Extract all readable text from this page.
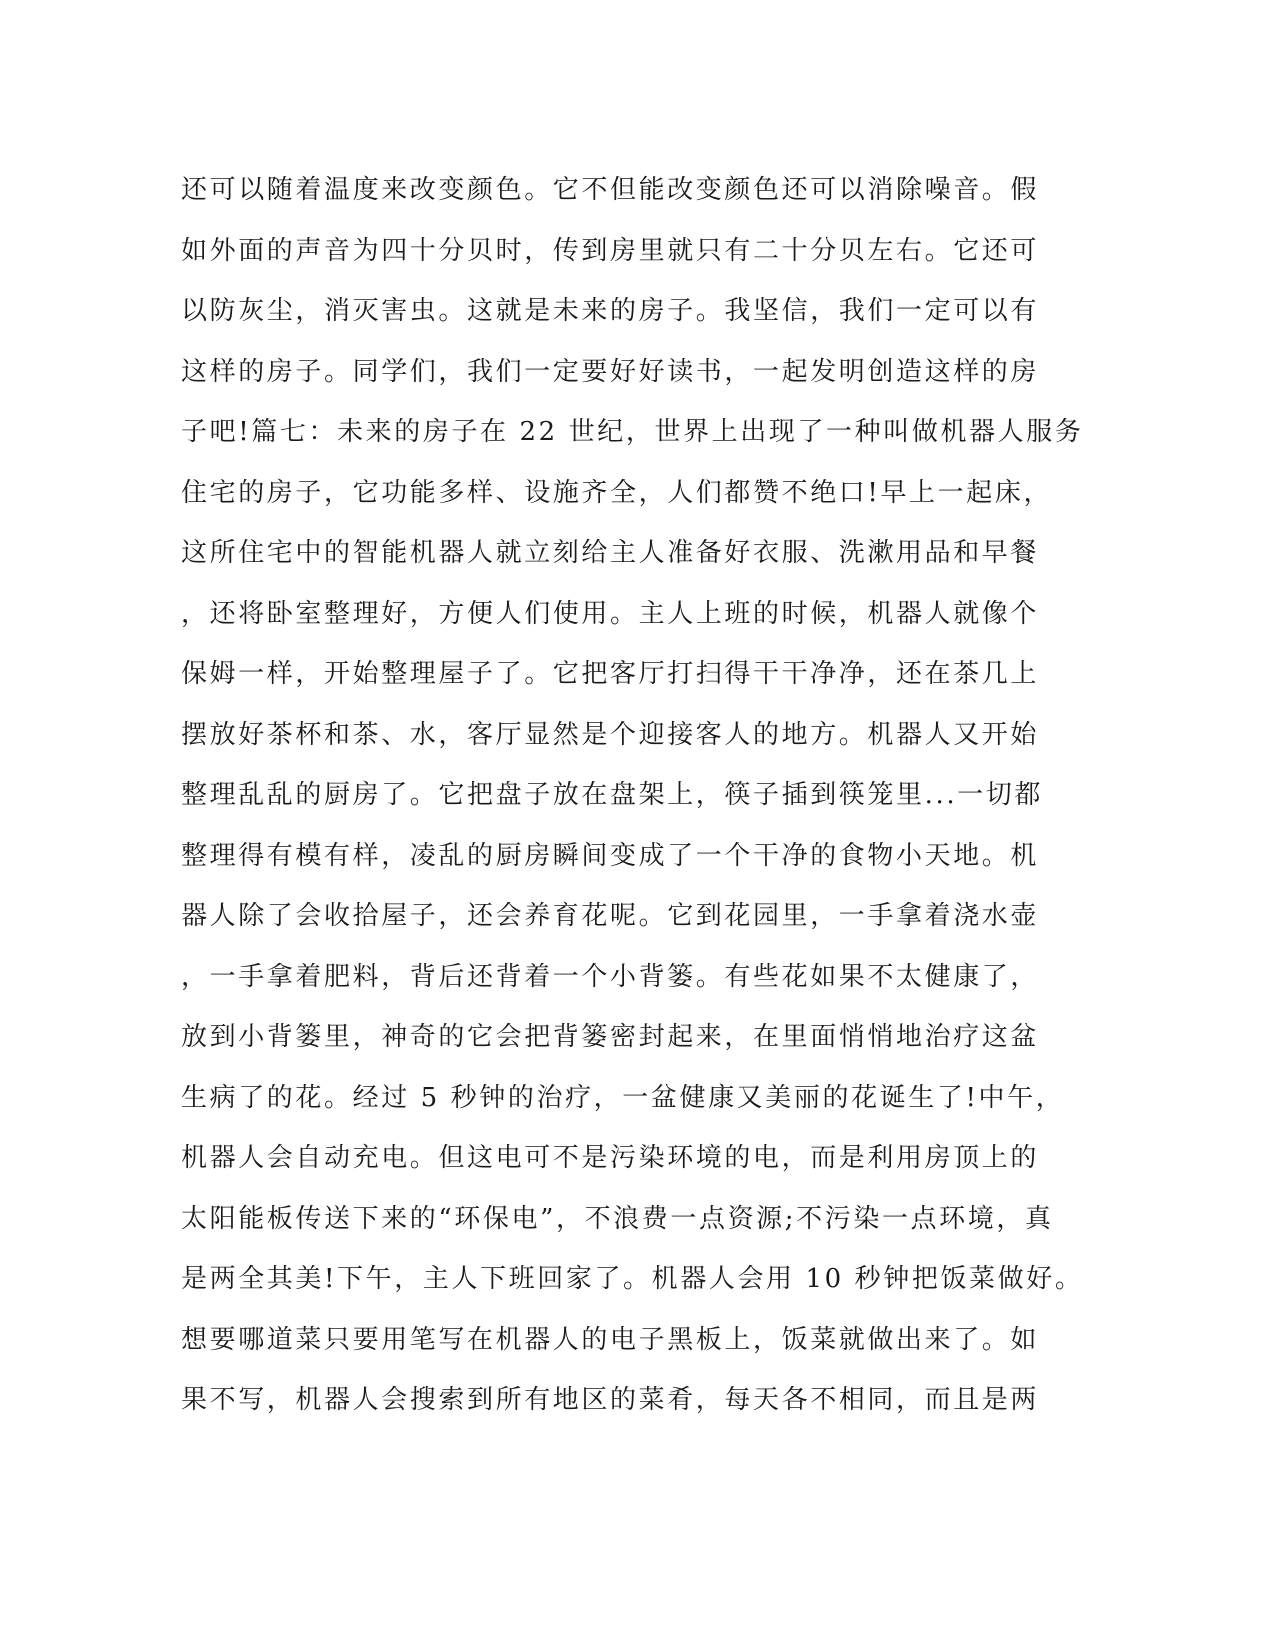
还可以随着温度来改变颜色。它不但能改变颜色还可以消除噪音。假
如外面的声音为四十分贝时，传到房里就只有二十分贝左右。它还可
以防灰尘，消灭害虫。这就是未来的房子。我坚信，我们一定可以有
这样的房子。同学们，我们一定要好好读书，一起发明创造这样的房
子吧!篇七：未来的房子在 22 世纪，世界上出现了一种叫做机器人服务
住宅的房子，它功能多样、设施齐全，人们都赞不绝口!早上一起床，
这所住宅中的智能机器人就立刻给主人准备好衣服、洗漱用品和早餐
，还将卧室整理好，方便人们使用。主人上班的时候，机器人就像个
保姆一样，开始整理屋子了。它把客厅打扫得干干净净，还在茶几上
摆放好茶杯和茶、水，客厅显然是个迎接客人的地方。机器人又开始
整理乱乱的厨房了。它把盘子放在盘架上，筷子插到筷笼里...一切都
整理得有模有样，凌乱的厨房瞬间变成了一个干净的食物小天地。机
器人除了会收拾屋子，还会养育花呢。它到花园里，一手拿着浇水壶
，一手拿着肥料，背后还背着一个小背篓。有些花如果不太健康了，
放到小背篓里，神奇的它会把背篓密封起来，在里面悄悄地治疗这盆
生病了的花。经过 5 秒钟的治疗，一盆健康又美丽的花诞生了!中午，
机器人会自动充电。但这电可不是污染环境的电，而是利用房顶上的
太阳能板传送下来的“环保电”，不浪费一点资源;不污染一点环境，真
是两全其美!下午，主人下班回家了。机器人会用 10 秒钟把饭菜做好。
想要哪道菜只要用笔写在机器人的电子黑板上，饭菜就做出来了。如
果不写，机器人会搜索到所有地区的菜肴，每天各不相同，而且是两
